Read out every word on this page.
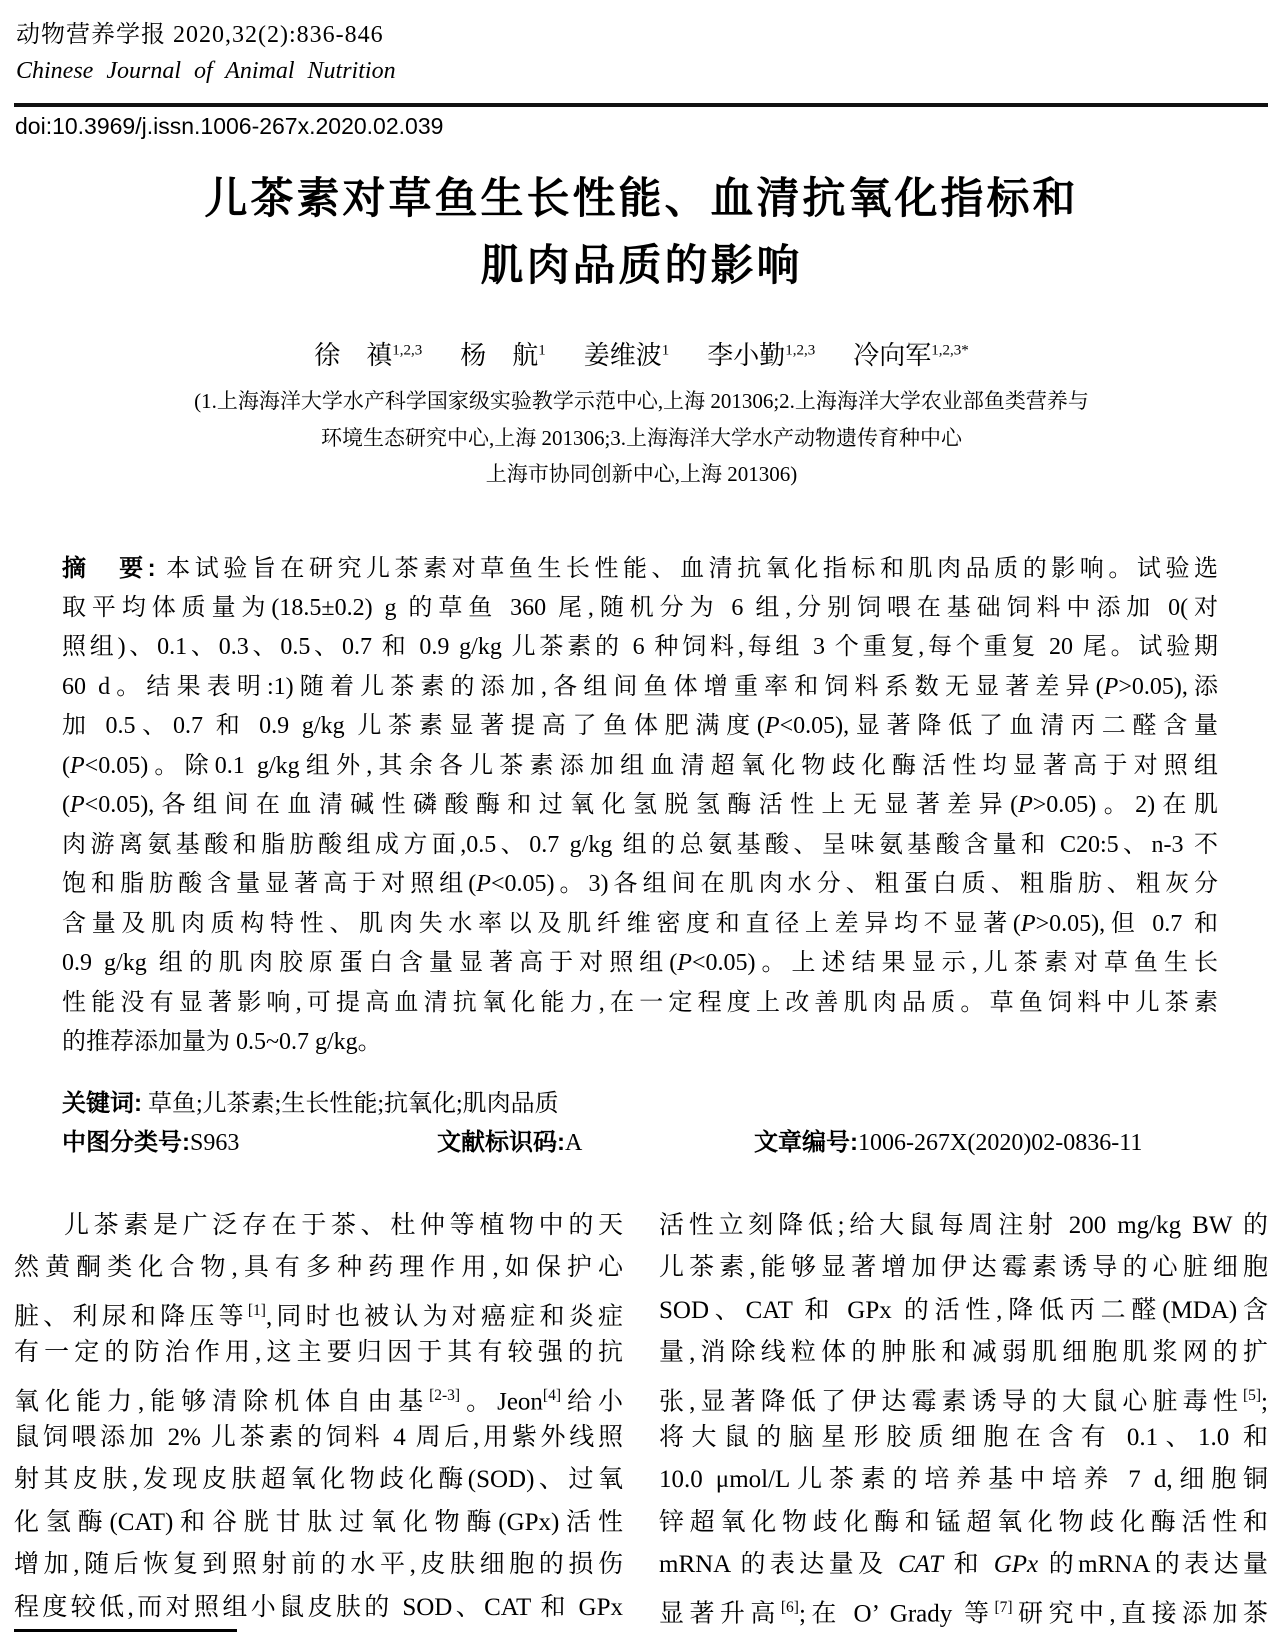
动物营养学报 2020,32(2):836-846
Chinese Journal of Animal Nutrition
doi:10.3969/j.issn.1006-267x.2020.02.039
儿茶素对草鱼生长性能、血清抗氧化指标和
肌肉品质的影响
徐　禛$^{1,2,3}$ 杨　航$^1$ 姜维波$^1$ 李小勤$^{1,2,3}$ 冷向军$^{1,2,3*}$
(1.上海海洋大学水产科学国家级实验教学示范中心,上海 201306;2.上海海洋大学农业部鱼类营养与
环境生态研究中心,上海 201306;3.上海海洋大学水产动物遗传育种中心
上海市协同创新中心,上海 201306)
摘　要: 本试验旨在研究儿茶素对草鱼生长性能、血清抗氧化指标和肌肉品质的影响。试验选
取平均体质量为(18.5±0.2) g 的草鱼 360 尾,随机分为 6 组,分别饲喂在基础饲料中添加 0(对
照组)、0.1、0.3、0.5、0.7 和 0.9 g/kg 儿茶素的 6 种饲料,每组 3 个重复,每个重复 20 尾。试验期
60 d。结果表明:1)随着儿茶素的添加,各组间鱼体增重率和饲料系数无显著差异(P>0.05),添
加 0.5、0.7 和 0.9 g/kg 儿茶素显著提高了鱼体肥满度(P<0.05),显著降低了血清丙二醛含量
(P<0.05)。除0.1 g/kg组外,其余各儿茶素添加组血清超氧化物歧化酶活性均显著高于对照组
(P<0.05),各组间在血清碱性磷酸酶和过氧化氢脱氢酶活性上无显著差异(P>0.05)。2)在肌
肉游离氨基酸和脂肪酸组成方面,0.5、0.7 g/kg 组的总氨基酸、呈味氨基酸含量和 C20:5、n-3 不
饱和脂肪酸含量显著高于对照组(P<0.05)。3)各组间在肌肉水分、粗蛋白质、粗脂肪、粗灰分
含量及肌肉质构特性、肌肉失水率以及肌纤维密度和直径上差异均不显著(P>0.05),但 0.7 和
0.9 g/kg 组的肌肉胶原蛋白含量显著高于对照组(P<0.05)。上述结果显示,儿茶素对草鱼生长
性能没有显著影响,可提高血清抗氧化能力,在一定程度上改善肌肉品质。草鱼饲料中儿茶素
的推荐添加量为 0.5~0.7 g/kg。
关键词: 草鱼;儿茶素;生长性能;抗氧化;肌肉品质
中图分类号:S963	文献标识码:A	文章编号:1006-267X(2020)02-0836-11
儿茶素是广泛存在于茶、杜仲等植物中的天
然黄酮类化合物,具有多种药理作用,如保护心
脏、利尿和降压等[1],同时也被认为对癌症和炎症
有一定的防治作用,这主要归因于其有较强的抗
氧化能力,能够清除机体自由基[2-3]。Jeon[4]给小
鼠饲喂添加 2% 儿茶素的饲料 4 周后,用紫外线照
射其皮肤,发现皮肤超氧化物歧化酶(SOD)、过氧
化氢酶(CAT)和谷胱甘肽过氧化物酶(GPx)活性
增加,随后恢复到照射前的水平,皮肤细胞的损伤
程度较低,而对照组小鼠皮肤的 SOD、CAT 和 GPx
活性立刻降低;给大鼠每周注射 200 mg/kg BW 的
儿茶素,能够显著增加伊达霉素诱导的心脏细胞
SOD、CAT 和 GPx 的活性,降低丙二醛(MDA)含
量,消除线粒体的肿胀和减弱肌细胞肌浆网的扩
张,显著降低了伊达霉素诱导的大鼠心脏毒性[5];
将大鼠的脑星形胶质细胞在含有 0.1、1.0 和
10.0 μmol/L儿茶素的培养基中培养 7 d,细胞铜
锌超氧化物歧化酶和锰超氧化物歧化酶活性和
mRNA 的表达量及 CAT 和 GPx 的mRNA的表达量
显著升高[6];在 O’ Grady 等[7]研究中,直接添加茶
